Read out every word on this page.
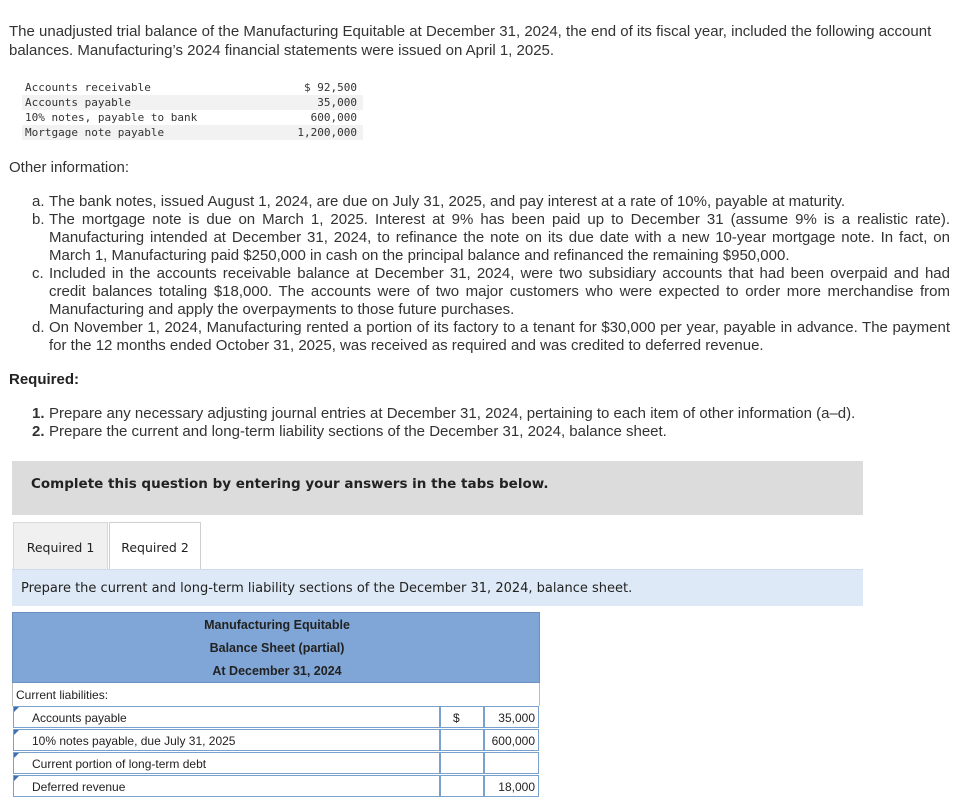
The unadjusted trial balance of the Manufacturing Equitable at December 31, 2024, the end of its fiscal year, included the following account balances. Manufacturing’s 2024 financial statements were issued on April 1, 2025.
Accounts receivable	$ 92,500
Accounts payable	35,000
10% notes, payable to bank	600,000
Mortgage note payable	1,200,000
Other information:
a. The bank notes, issued August 1, 2024, are due on July 31, 2025, and pay interest at a rate of 10%, payable at maturity.
b. The mortgage note is due on March 1, 2025. Interest at 9% has been paid up to December 31 (assume 9% is a realistic rate). Manufacturing intended at December 31, 2024, to refinance the note on its due date with a new 10-year mortgage note. In fact, on March 1, Manufacturing paid $250,000 in cash on the principal balance and refinanced the remaining $950,000.
c. Included in the accounts receivable balance at December 31, 2024, were two subsidiary accounts that had been overpaid and had credit balances totaling $18,000. The accounts were of two major customers who were expected to order more merchandise from Manufacturing and apply the overpayments to those future purchases.
d. On November 1, 2024, Manufacturing rented a portion of its factory to a tenant for $30,000 per year, payable in advance. The payment for the 12 months ended October 31, 2025, was received as required and was credited to deferred revenue.
Required:
1. Prepare any necessary adjusting journal entries at December 31, 2024, pertaining to each item of other information (a–d).
2. Prepare the current and long-term liability sections of the December 31, 2024, balance sheet.
Complete this question by entering your answers in the tabs below.
Required 1	Required 2
Prepare the current and long-term liability sections of the December 31, 2024, balance sheet.
Manufacturing Equitable
Balance Sheet (partial)
At December 31, 2024
Current liabilities:
Accounts payable	$	35,000
10% notes payable, due July 31, 2025	600,000
Current portion of long-term debt
Deferred revenue	18,000
